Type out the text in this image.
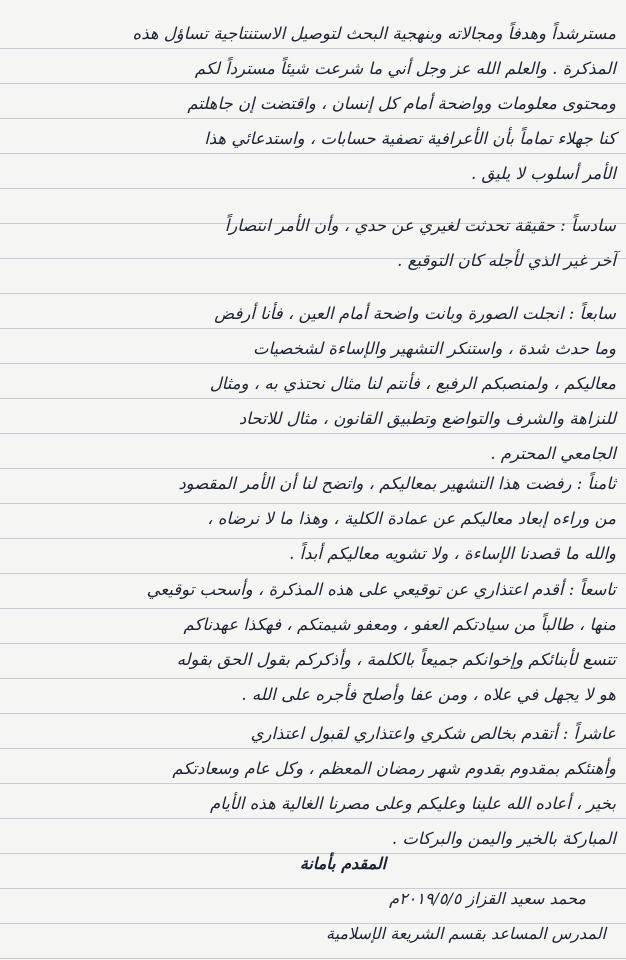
مسترشداً وهدفاً ومجالاته وبنهجية البحث لتوصيل الاستنتاجية تساؤل هذه
المذكرة . والعلم الله عز وجل أني ما شرعت شيئاً مسترداً لكم
ومحتوى معلومات وواضحة أمام كل إنسان ، واقتضت إن جاهلتم
كنا جهلاء تماماً بأن الأعرافية تصفية حسابات ، واستدعائي هذا
الأمر أسلوب لا يليق .
سادساً : حقيقة تحدثت لغيري عن حدي ، وأن الأمر انتصاراً
آخر غير الذي لأجله كان التوقيع .
سابعاً : انجلت الصورة وبانت واضحة أمام العين ، فأنا أرفض
وما حدث شدة ، واستنكر التشهير والإساءة لشخصيات
معاليكم ، ولمنصبكم الرفيع ، فأنتم لنا مثال نحتذي به ، ومثال
للنزاهة والشرف والتواضع وتطبيق القانون ، مثال للاتحاد
الجامعي المحترم .
ثامناً : رفضت هذا التشهير بمعاليكم ، واتضح لنا أن الأمر المقصود
من وراءه إبعاد معاليكم عن عمادة الكلية ، وهذا ما لا نرضاه ،
والله ما قصدنا الإساءة ، ولا تشويه معاليكم أبداً .
تاسعاً : أقدم اعتذاري عن توقيعي على هذه المذكرة ، وأسحب توقيعي
منها ، طالباً من سيادتكم العفو ، ومعفو شيمتكم ، فهكذا عهدناكم
تتسع لأبنائكم وإخوانكم جميعاً بالكلمة ، وأذكركم بقول الحق بقوله
هو لا يجهل في علاه ، ومن عفا وأصلح فأجره على الله .
عاشراً : أتقدم بخالص شكري واعتذاري لقبول اعتذاري
وأهنئكم بمقدوم بقدوم شهر رمضان المعظم ، وكل عام وسعادتكم
بخير ، أعاده الله علينا وعليكم وعلى مصرنا الغالية هذه الأيام
المباركة بالخير واليمن والبركات .
المقدم بأمانة
محمد سعيد القزاز ٢٠١٩/٥/٥م
المدرس المساعد بقسم الشريعة الإسلامية
